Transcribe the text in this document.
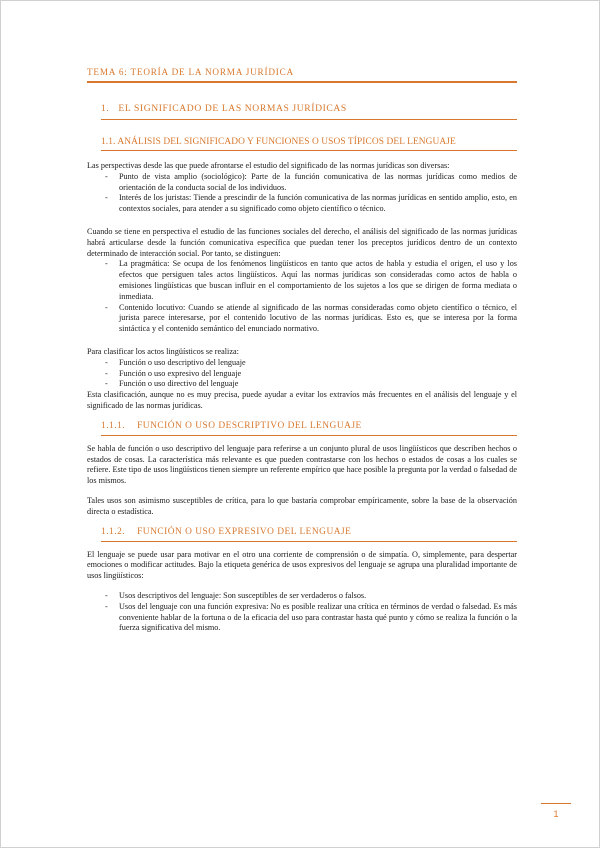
TEMA 6: TEORÍA DE LA NORMA JURÍDICA
1. EL SIGNIFICADO DE LAS NORMAS JURÍDICAS
1.1. ANÁLISIS DEL SIGNIFICADO Y FUNCIONES O USOS TÍPICOS DEL LENGUAJE

Las perspectivas desde las que puede afrontarse el estudio del significado de las normas jurídicas son diversas:

- Punto de vista amplio (sociológico): Parte de la función comunicativa de las normas jurídicas como medios de orientación de la conducta social de los individuos.
- Interés de los juristas: Tiende a prescindir de la función comunicativa de las normas jurídicas en sentido amplio, esto, en contextos sociales, para atender a su significado como objeto científico o técnico.

Cuando se tiene en perspectiva el estudio de las funciones sociales del derecho, el análisis del significado de las normas jurídicas habrá articularse desde la función comunicativa específica que puedan tener los preceptos jurídicos dentro de un contexto determinado de interacción social. Por tanto, se distinguen:

- La pragmática: Se ocupa de los fenómenos lingüísticos en tanto que actos de habla y estudia el origen, el uso y los efectos que persiguen tales actos lingüísticos. Aquí las normas jurídicas son consideradas como actos de habla o emisiones lingüísticas que buscan influir en el comportamiento de los sujetos a los que se dirigen de forma mediata o inmediata.
- Contenido locutivo: Cuando se atiende al significado de las normas consideradas como objeto científico o técnico, el jurista parece interesarse, por el contenido locutivo de las normas jurídicas. Esto es, que se interesa por la forma sintáctica y el contenido semántico del enunciado normativo.

Para clasificar los actos lingüísticos se realiza:

- Función o uso descriptivo del lenguaje
- Función o uso expresivo del lenguaje
- Función o uso directivo del lenguaje

Esta clasificación, aunque no es muy precisa, puede ayudar a evitar los extravíos más frecuentes en el análisis del lenguaje y el significado de las normas jurídicas.

1.1.1. FUNCIÓN O USO DESCRIPTIVO DEL LENGUAJE

Se habla de función o uso descriptivo del lenguaje para referirse a un conjunto plural de usos lingüísticos que describen hechos o estados de cosas. La característica más relevante es que pueden contrastarse con los hechos o estados de cosas a los cuales se refiere. Este tipo de usos lingüísticos tienen siempre un referente empírico que hace posible la pregunta por la verdad o falsedad de los mismos.

Tales usos son asimismo susceptibles de crítica, para lo que bastaría comprobar empíricamente, sobre la base de la observación directa o estadística.

1.1.2. FUNCIÓN O USO EXPRESIVO DEL LENGUAJE

El lenguaje se puede usar para motivar en el otro una corriente de comprensión o de simpatía. O, simplemente, para despertar emociones o modificar actitudes. Bajo la etiqueta genérica de usos expresivos del lenguaje se agrupa una pluralidad importante de usos lingüísticos:

- Usos descriptivos del lenguaje: Son susceptibles de ser verdaderos o falsos.
- Usos del lenguaje con una función expresiva: No es posible realizar una crítica en términos de verdad o falsedad. Es más conveniente hablar de la fortuna o de la eficacia del uso para contrastar hasta qué punto y cómo se realiza la función o la fuerza significativa del mismo.
1
